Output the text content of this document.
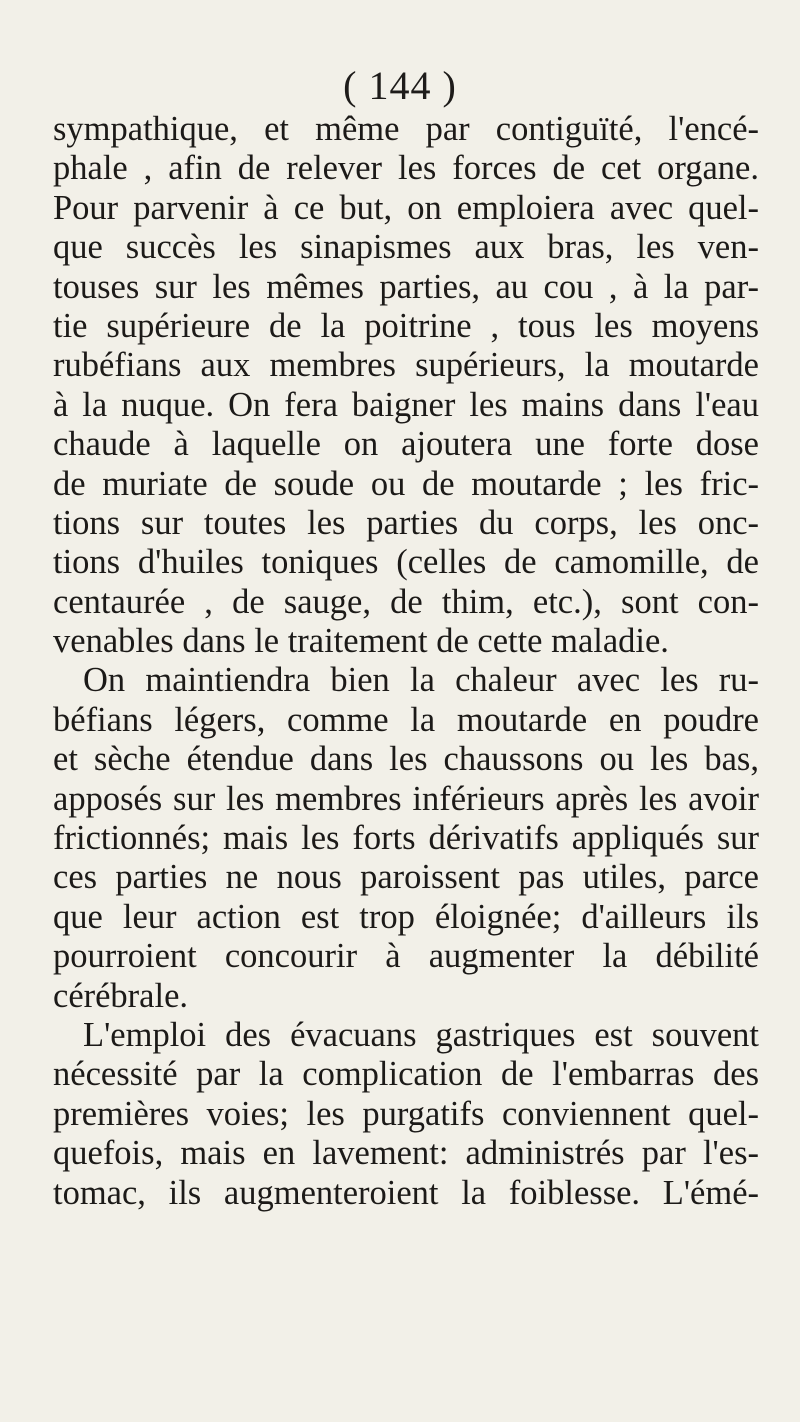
( 144 )
sympathique, et même par contiguïté, l'encé-
phale , afin de relever les forces de cet organe.
Pour parvenir à ce but, on emploiera avec quel-
que succès les sinapismes aux bras, les ven-
touses sur les mêmes parties, au cou , à la par-
tie supérieure de la poitrine , tous les moyens
rubéfians aux membres supérieurs, la moutarde
à la nuque. On fera baigner les mains dans l'eau
chaude à laquelle on ajoutera une forte dose
de muriate de soude ou de moutarde ; les fric-
tions sur toutes les parties du corps, les onc-
tions d'huiles toniques (celles de camomille, de
centaurée , de sauge, de thim, etc.), sont con-
venables dans le traitement de cette maladie.
On maintiendra bien la chaleur avec les ru-
béfians légers, comme la moutarde en poudre
et sèche étendue dans les chaussons ou les bas,
apposés sur les membres inférieurs après les avoir
frictionnés; mais les forts dérivatifs appliqués sur
ces parties ne nous paroissent pas utiles, parce
que leur action est trop éloignée; d'ailleurs ils
pourroient concourir à augmenter la débilité
cérébrale.
L'emploi des évacuans gastriques est souvent
nécessité par la complication de l'embarras des
premières voies; les purgatifs conviennent quel-
quefois, mais en lavement: administrés par l'es-
tomac, ils augmenteroient la foiblesse. L'émé-
